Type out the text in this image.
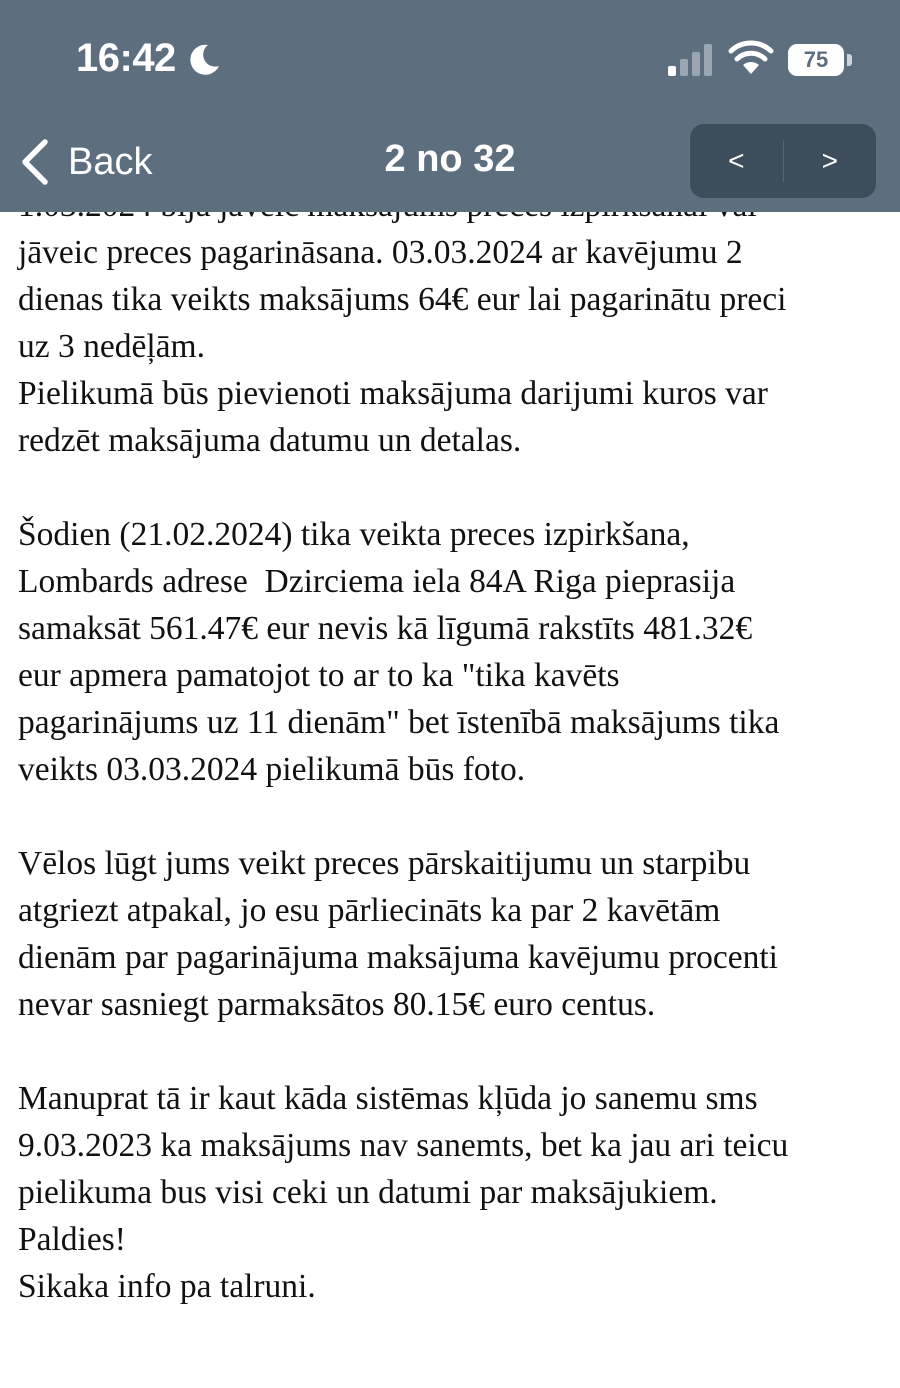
16:42	75
Back	2 no 32	<	>
jāveic preces pagarināsana. 03.03.2024 ar kavējumu 2
dienas tika veikts maksājums 64€ eur lai pagarinātu preci
uz 3 nedēļām.
Pielikumā būs pievienoti maksājuma darijumi kuros var
redzēt maksājuma datumu un detalas.
Šodien (21.02.2024) tika veikta preces izpirkšana,
Lombards adrese  Dzirciema iela 84A Riga pieprasija
samaksāt 561.47€ eur nevis kā līgumā rakstīts 481.32€
eur apmera pamatojot to ar to ka "tika kavēts
pagarinājums uz 11 dienām" bet īstenībā maksājums tika
veikts 03.03.2024 pielikumā būs foto.
Vēlos lūgt jums veikt preces pārskaitijumu un starpibu
atgriezt atpakal, jo esu pārliecināts ka par 2 kavētām
dienām par pagarinājuma maksājuma kavējumu procenti
nevar sasniegt parmaksātos 80.15€ euro centus.
Manuprat tā ir kaut kāda sistēmas kļūda jo sanemu sms
9.03.2023 ka maksājums nav sanemts, bet ka jau ari teicu
pielikuma bus visi ceki un datumi par maksājukiem.
Paldies!
Sikaka info pa talruni.
